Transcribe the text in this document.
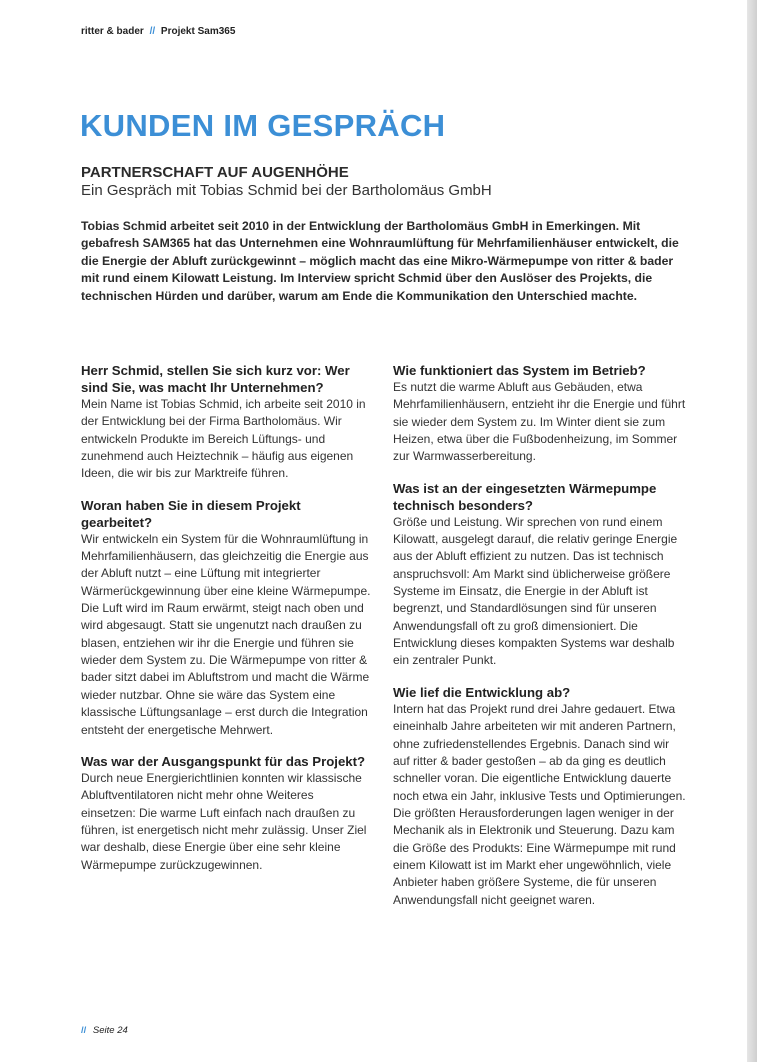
ritter & bader // Projekt Sam365
KUNDEN IM GESPRÄCH
PARTNERSCHAFT AUF AUGENHÖHE

Ein Gespräch mit Tobias Schmid bei der Bartholomäus GmbH

Tobias Schmid arbeitet seit 2010 in der Entwicklung der Bartholomäus GmbH in Emerkingen. Mit gebafresh SAM365 hat das Unternehmen eine Wohnraumlüftung für Mehrfamilienhäuser entwickelt, die die Energie der Abluft zurückgewinnt – möglich macht das eine Mikro-Wärmepumpe von ritter & bader mit rund einem Kilowatt Leistung. Im Interview spricht Schmid über den Auslöser des Projekts, die technischen Hürden und darüber, warum am Ende die Kommunikation den Unterschied machte.

Herr Schmid, stellen Sie sich kurz vor: Wer sind Sie, was macht Ihr Unternehmen?

Mein Name ist Tobias Schmid, ich arbeite seit 2010 in der Entwicklung bei der Firma Bartholomäus. Wir entwickeln Produkte im Bereich Lüftungs- und zunehmend auch Heiztechnik – häufig aus eigenen Ideen, die wir bis zur Marktreife führen.

Woran haben Sie in diesem Projekt gearbeitet?

Wir entwickeln ein System für die Wohnraumlüftung in Mehrfamilienhäusern, das gleichzeitig die Energie aus der Abluft nutzt – eine Lüftung mit integrierter Wärmerückgewinnung über eine kleine Wärmepumpe. Die Luft wird im Raum erwärmt, steigt nach oben und wird abgesaugt. Statt sie ungenutzt nach draußen zu blasen, entziehen wir ihr die Energie und führen sie wieder dem System zu. Die Wärmepumpe von ritter & bader sitzt dabei im Abluftstrom und macht die Wärme wieder nutzbar. Ohne sie wäre das System eine klassische Lüftungsanlage – erst durch die Integration entsteht der energetische Mehrwert.

Was war der Ausgangspunkt für das Projekt?

Durch neue Energierichtlinien konnten wir klassische Abluftventilatoren nicht mehr ohne Weiteres einsetzen: Die warme Luft einfach nach draußen zu führen, ist energetisch nicht mehr zulässig. Unser Ziel war deshalb, diese Energie über eine sehr kleine Wärmepumpe zurückzugewinnen.

Wie funktioniert das System im Betrieb?

Es nutzt die warme Abluft aus Gebäuden, etwa Mehrfamilienhäusern, entzieht ihr die Energie und führt sie wieder dem System zu. Im Winter dient sie zum Heizen, etwa über die Fußbodenheizung, im Sommer zur Warmwasserbereitung.

Was ist an der eingesetzten Wärmepumpe technisch besonders?

Größe und Leistung. Wir sprechen von rund einem Kilowatt, ausgelegt darauf, die relativ geringe Energie aus der Abluft effizient zu nutzen. Das ist technisch anspruchsvoll: Am Markt sind üblicherweise größere Systeme im Einsatz, die Energie in der Abluft ist begrenzt, und Standardlösungen sind für unseren Anwendungsfall oft zu groß dimensioniert. Die Entwicklung dieses kompakten Systems war deshalb ein zentraler Punkt.

Wie lief die Entwicklung ab?

Intern hat das Projekt rund drei Jahre gedauert. Etwa eineinhalb Jahre arbeiteten wir mit anderen Partnern, ohne zufriedenstellendes Ergebnis. Danach sind wir auf ritter & bader gestoßen – ab da ging es deutlich schneller voran. Die eigentliche Entwicklung dauerte noch etwa ein Jahr, inklusive Tests und Optimierungen. Die größten Herausforderungen lagen weniger in der Mechanik als in Elektronik und Steuerung. Dazu kam die Größe des Produkts: Eine Wärmepumpe mit rund einem Kilowatt ist im Markt eher ungewöhnlich, viele Anbieter haben größere Systeme, die für unseren Anwendungsfall nicht geeignet waren.

// Seite 24
